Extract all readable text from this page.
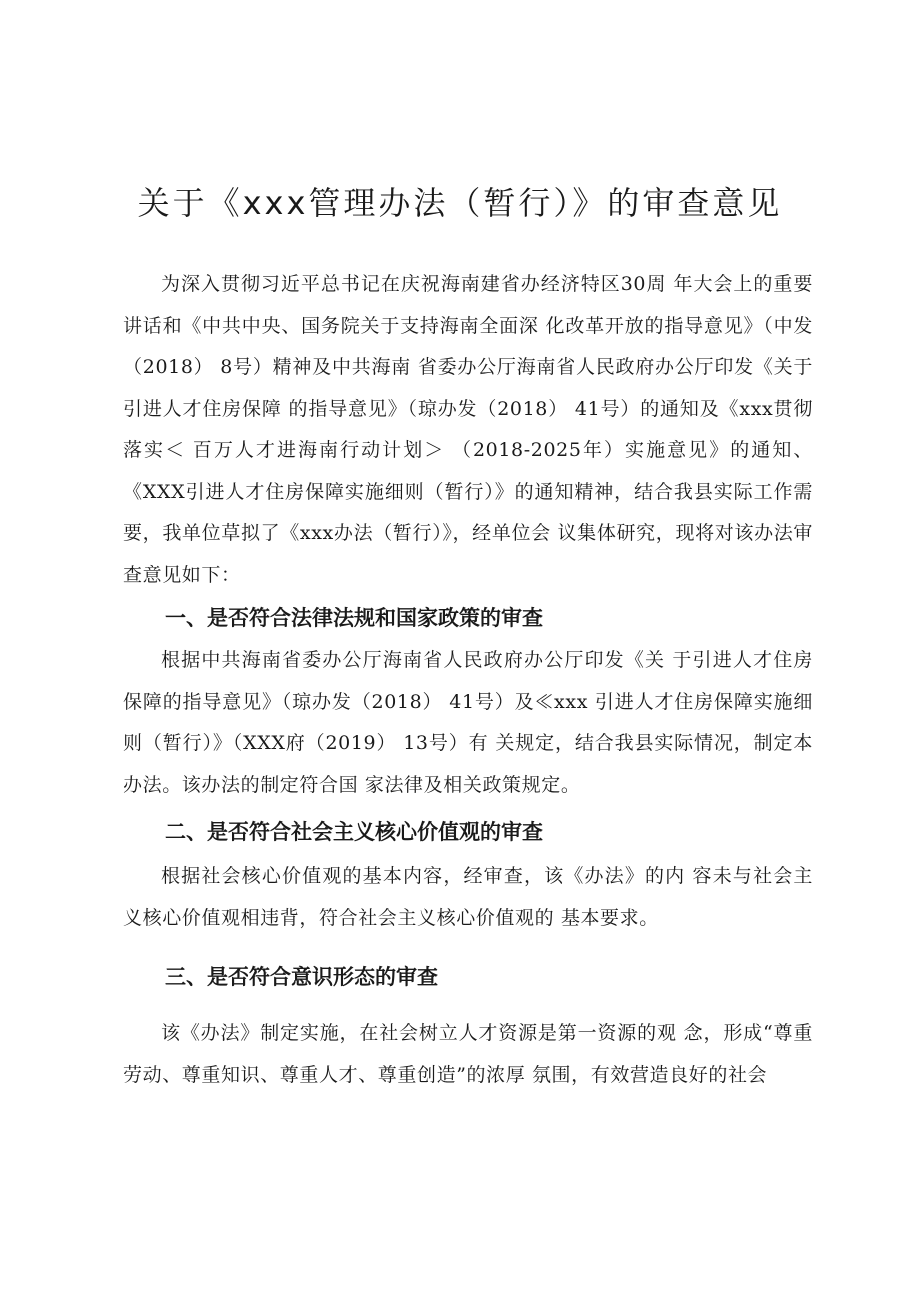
关于《xxx管理办法（暂行）》的审查意见

为深入贯彻习近平总书记在庆祝海南建省办经济特区30周 年大会上的重要讲话和《中共中央、国务院关于支持海南全面深 化改革开放的指导意见》（中发（2018） 8号）精神及中共海南 省委办公厅海南省人民政府办公厅印发《关于引进人才住房保障 的指导意见》（琼办发（2018） 41号）的通知及《xxx贯彻落实＜ 百万人才进海南行动计划＞ （2018-2025年）实施意见》的通知、 《XXX引进人才住房保障实施细则（暂行）》的通知精神，结合我县实际工作需要，我单位草拟了《xxx办法（暂行）》，经单位会 议集体研究，现将对该办法审查意见如下：

一、是否符合法律法规和国家政策的审查

根据中共海南省委办公厅海南省人民政府办公厅印发《关 于引进人才住房保障的指导意见》（琼办发（2018） 41号）及≪xxx 引进人才住房保障实施细则（暂行）》（XXX府（2019） 13号）有 关规定，结合我县实际情况，制定本办法。该办法的制定符合国 家法律及相关政策规定。

二、是否符合社会主义核心价值观的审查

根据社会核心价值观的基本内容，经审查，该《办法》的内 容未与社会主义核心价值观相违背，符合社会主义核心价值观的 基本要求。

三、是否符合意识形态的审查

该《办法》制定实施，在社会树立人才资源是第一资源的观 念，形成“尊重劳动、尊重知识、尊重人才、尊重创造”的浓厚 氛围，有效营造良好的社会
